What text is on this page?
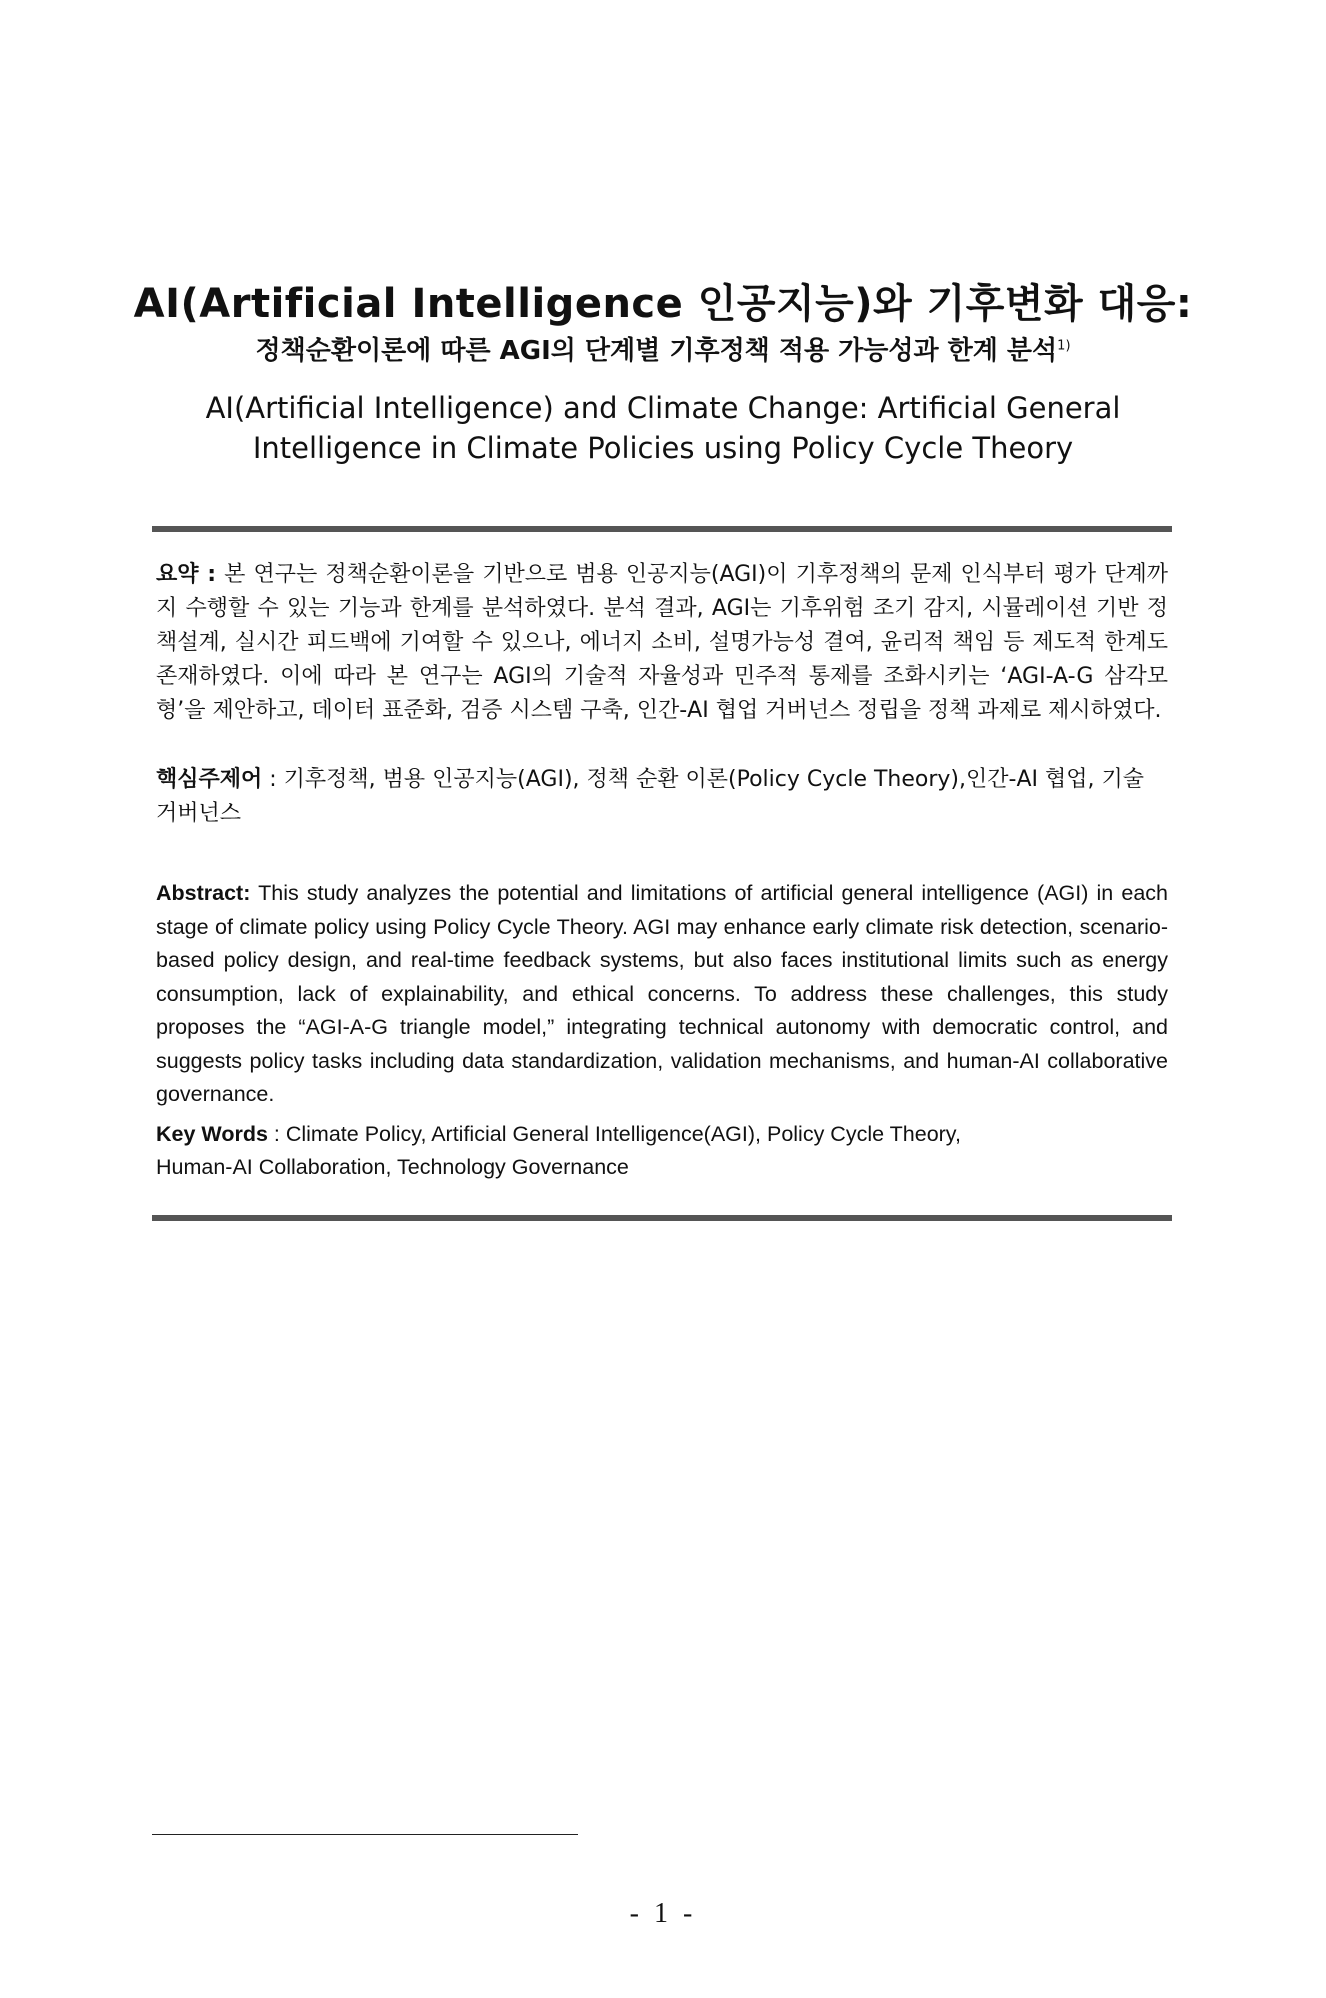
AI(Artificial Intelligence 인공지능)와 기후변화 대응:
정책순환이론에 따른 AGI의 단계별 기후정책 적용 가능성과 한계 분석$^{1)}$
AI(Artificial Intelligence) and Climate Change: Artificial General
Intelligence in Climate Policies using Policy Cycle Theory
요약 : 본 연구는 정책순환이론을 기반으로 범용 인공지능(AGI)이 기후정책의 문제 인식부터 평가 단계까지 수행할 수 있는 기능과 한계를 분석하였다. 분석 결과, AGI는 기후위험 조기 감지, 시뮬레이션 기반 정책설계, 실시간 피드백에 기여할 수 있으나, 에너지 소비, 설명가능성 결여, 윤리적 책임 등 제도적 한계도 존재하였다. 이에 따라 본 연구는 AGI의 기술적 자율성과 민주적 통제를 조화시키는 ‘AGI-A-G 삼각모형’을 제안하고, 데이터 표준화, 검증 시스템 구축, 인간-AI 협업 거버넌스 정립을 정책 과제로 제시하였다.
핵심주제어 : 기후정책, 범용 인공지능(AGI), 정책 순환 이론(Policy Cycle Theory),인간-AI 협업, 기술 거버넌스
Abstract: This study analyzes the potential and limitations of artificial general intelligence (AGI) in each stage of climate policy using Policy Cycle Theory. AGI may enhance early climate risk detection, scenario-based policy design, and real-time feedback systems, but also faces institutional limits such as energy consumption, lack of explainability, and ethical concerns. To address these challenges, this study proposes the “AGI-A-G triangle model,” integrating technical autonomy with democratic control, and suggests policy tasks including data standardization, validation mechanisms, and human-AI collaborative governance.
Key Words : Climate Policy, Artificial General Intelligence(AGI), Policy Cycle Theory,
Human-AI Collaboration, Technology Governance
- 1 -
